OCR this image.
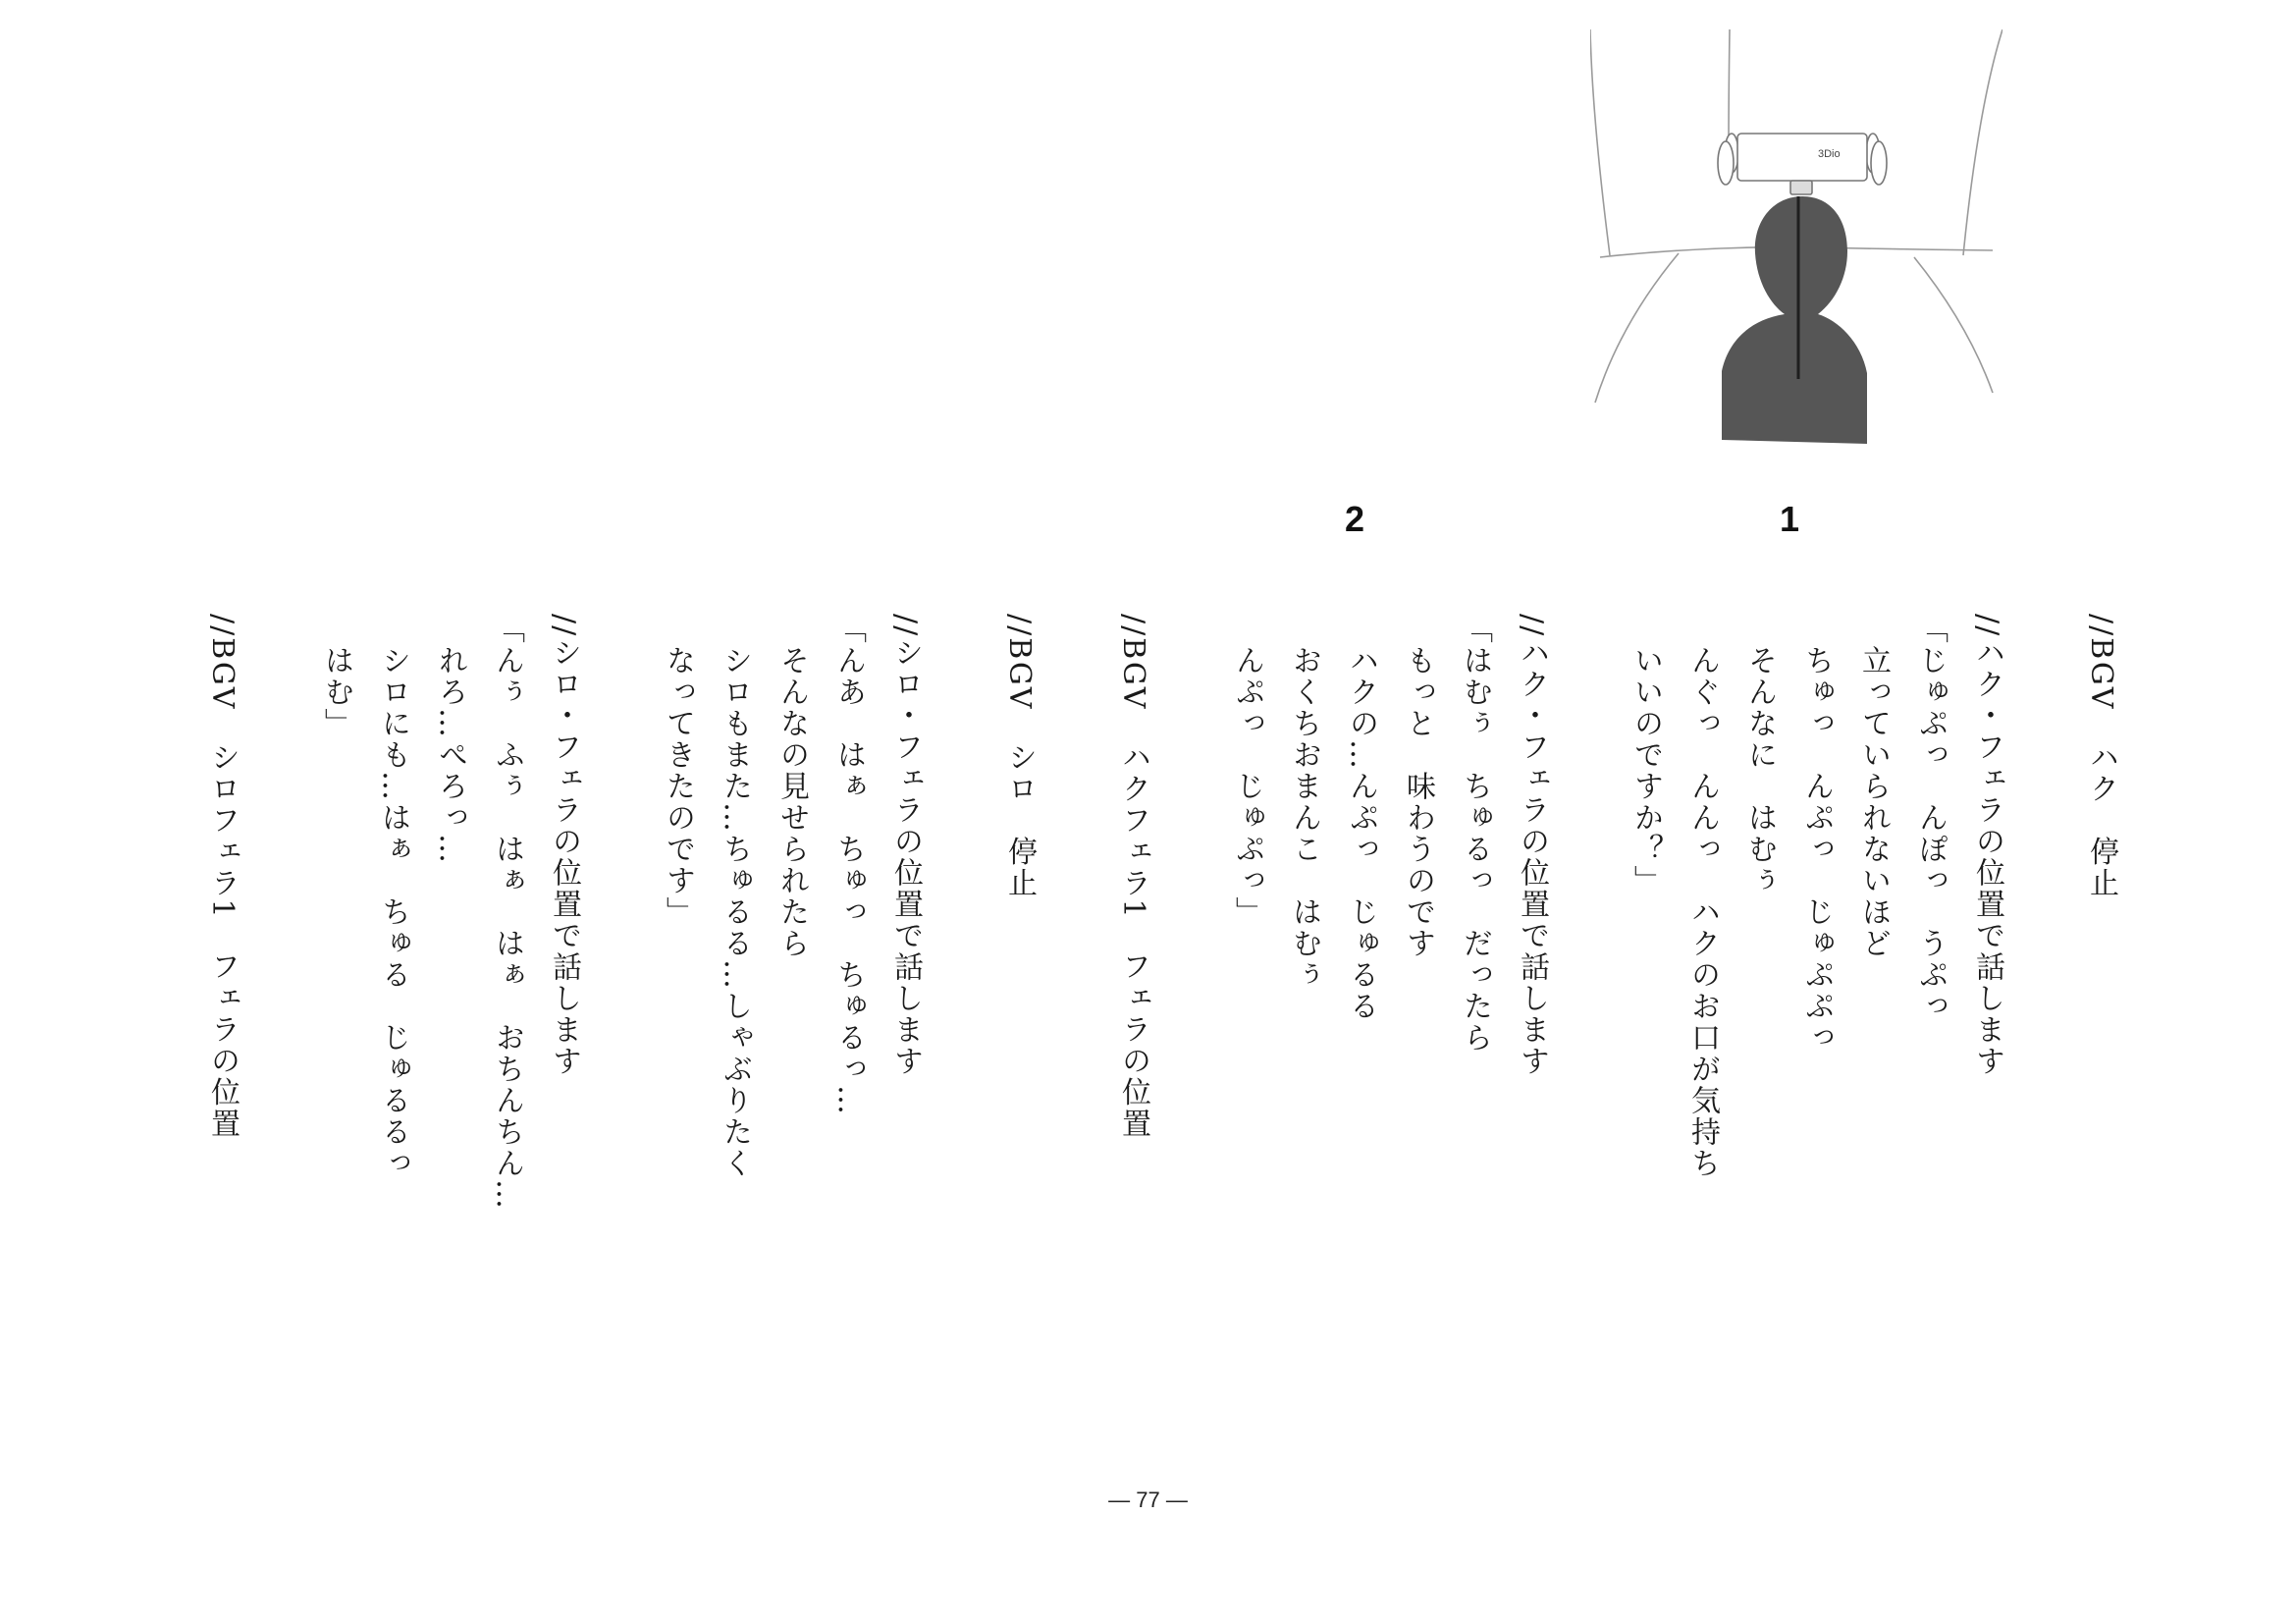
3Dio
1
2
//BGV　ハク　停止
//ハク・フェラの位置で話します
「じゅぷっ　んぽっ　うぷっ
　立っていられないほど
　ちゅっ　んぷっ　じゅぷぷっ
　そんなに　はむぅ
　んぐっ　んんっ　ハクのお口が気持ち
　いいのですか？」
//ハク・フェラの位置で話します
「はむぅ　ちゅるっ　だったら
　もっと　味わうのです
　ハクの…んぷっ　じゅるる
　おくちおまんこ　はむぅ
　んぷっ　じゅぷっ」
//BGV　ハクフェラ1　フェラの位置
//BGV　シロ　停止
//シロ・フェラの位置で話します
「んあ　はぁ　ちゅっ　ちゅるっ…
　そんなの見せられたら
　シロもまた…ちゅるる…しゃぶりたく
　なってきたのです」
//シロ・フェラの位置で話します
「んぅ　ふぅ　はぁ　はぁ　おちんちん…
　れろ…ぺろっ…
　シロにも…はぁ　ちゅる　じゅるるっ
　はむ」
//BGV　シロフェラ1　フェラの位置
― 77 ―
